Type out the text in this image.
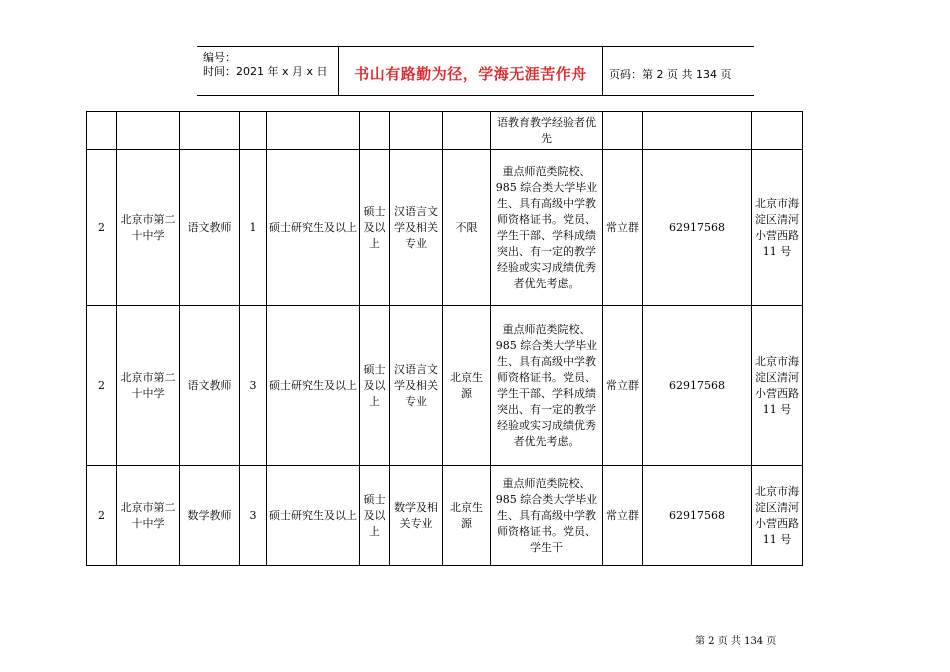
编号：
时间：2021 年 x 月 x 日	书山有路勤为径，学海无涯苦作舟	页码：第 2 页 共 134 页
								语教育教学经验者优先			
2	北京市第二十中学	语文教师	1	硕士研究生及以上	硕士及以上	汉语言文学及相关专业	不限	重点师范类院校、985 综合类大学毕业生、具有高级中学教师资格证书。党员、学生干部、学科成绩突出、有一定的教学经验或实习成绩优秀者优先考虑。	常立群	62917568	北京市海淀区清河小营西路 11 号
2	北京市第二十中学	语文教师	3	硕士研究生及以上	硕士及以上	汉语言文学及相关专业	北京生源	重点师范类院校、985 综合类大学毕业生、具有高级中学教师资格证书。党员、学生干部、学科成绩突出、有一定的教学经验或实习成绩优秀者优先考虑。	常立群	62917568	北京市海淀区清河小营西路 11 号
2	北京市第二十中学	数学教师	3	硕士研究生及以上	硕士及以上	数学及相关专业	北京生源	重点师范类院校、985 综合类大学毕业生、具有高级中学教师资格证书。党员、学生干	常立群	62917568	北京市海淀区清河小营西路 11 号
第 2 页 共 134 页
